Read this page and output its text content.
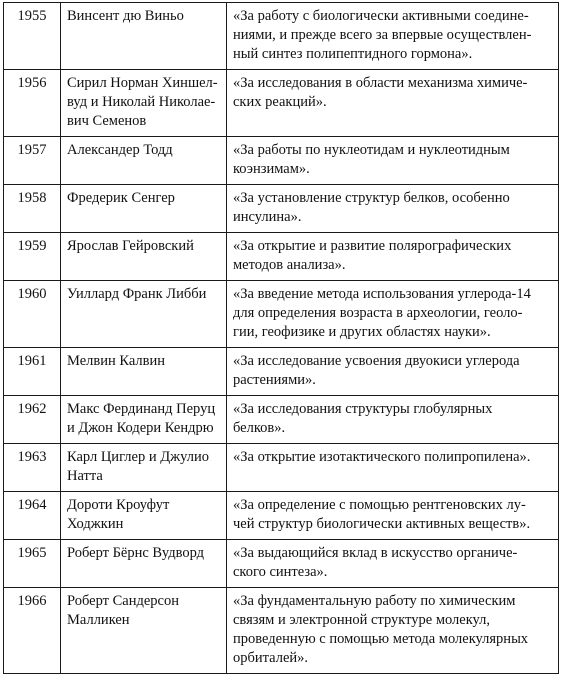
1955	Винсент дю Виньо	«За работу с биологически активными соедине-
ниями, и прежде всего за впервые осуществлен-
ный синтез полипептидного гормона».

1956	Сирил Норман Хиншел-
вуд и Николай Николае-
вич Семенов	«За исследования в области механизма химиче-
ских реакций».

1957	Александер Тодд	«За работы по нуклеотидам и нуклеотидным
коэнзимам».

1958	Фредерик Сенгер	«За установление структур белков, особенно
инсулина».

1959	Ярослав Гейровский	«За открытие и развитие полярографических
методов анализа».

1960	Уиллард Франк Либби	«За введение метода использования углерода-14
для определения возраста в археологии, геоло-
гии, геофизике и других областях науки».

1961	Мелвин Калвин	«За исследование усвоения двуокиси углерода
растениями».

1962	Макс Фердинанд Перуц
и Джон Кодери Кендрю	«За исследования структуры глобулярных
белков».

1963	Карл Циглер и Джулио
Натта	«За открытие изотактического полипропилена».

1964	Дороти Кроуфут
Ходжкин	«За определение с помощью рентгеновских лу-
чей структур биологически активных веществ».

1965	Роберт Бёрнс Вудворд	«За выдающийся вклад в искусство органиче-
ского синтеза».

1966	Роберт Сандерсон
Малликен	«За фундаментальную работу по химическим
связям и электронной структуре молекул,
проведенную с помощью метода молекулярных
орбиталей».
